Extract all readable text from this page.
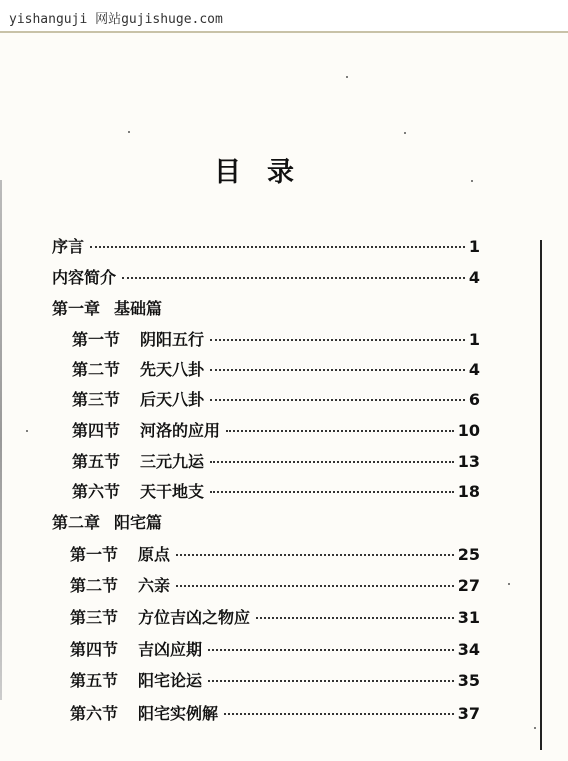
yishanguji 网站gujishuge.com
目录
序言	1
内容简介	4
第一章 基础篇
第一节 阴阳五行	1
第二节 先天八卦	4
第三节 后天八卦	6
第四节 河洛的应用	10
第五节 三元九运	13
第六节 天干地支	18
第二章 阳宅篇
第一节 原点	25
第二节 六亲	27
第三节 方位吉凶之物应	31
第四节 吉凶应期	34
第五节 阳宅论运	35
第六节 阳宅实例解	37
